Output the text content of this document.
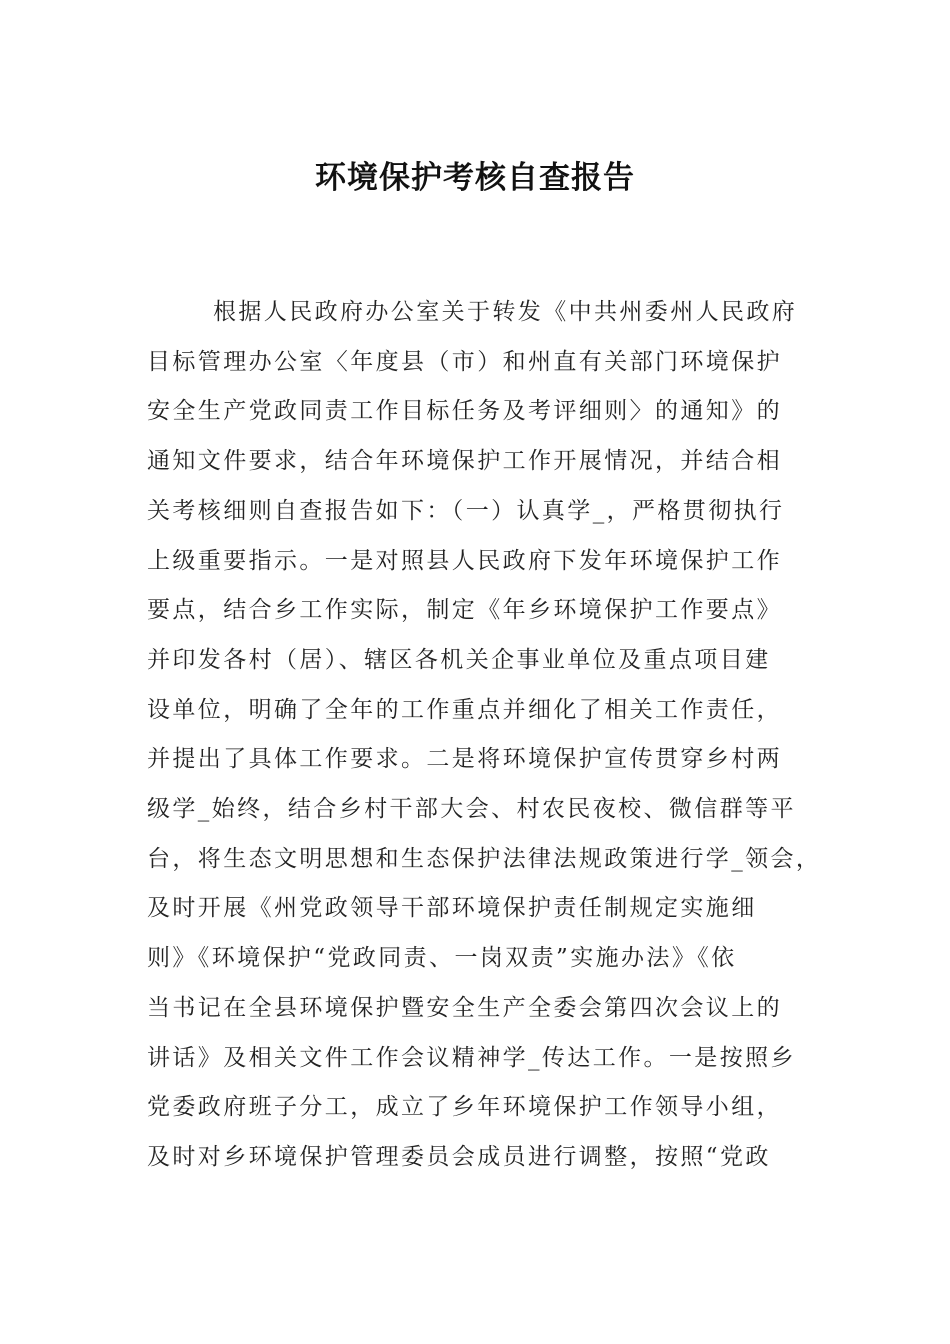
环境保护考核自查报告
根据人民政府办公室关于转发《中共州委州人民政府
目标管理办公室〈年度县（市）和州直有关部门环境保护
安全生产党政同责工作目标任务及考评细则〉的通知》的
通知文件要求，结合年环境保护工作开展情况，并结合相
关考核细则自查报告如下：（一）认真学_，严格贯彻执行
上级重要指示。一是对照县人民政府下发年环境保护工作
要点，结合乡工作实际，制定《年乡环境保护工作要点》
并印发各村（居）、辖区各机关企事业单位及重点项目建
设单位，明确了全年的工作重点并细化了相关工作责任，
并提出了具体工作要求。二是将环境保护宣传贯穿乡村两
级学_始终，结合乡村干部大会、村农民夜校、微信群等平
台，将生态文明思想和生态保护法律法规政策进行学_领会，
及时开展《州党政领导干部环境保护责任制规定实施细
则》《环境保护“党政同责、一岗双责”实施办法》《依
当书记在全县环境保护暨安全生产全委会第四次会议上的
讲话》及相关文件工作会议精神学_传达工作。一是按照乡
党委政府班子分工，成立了乡年环境保护工作领导小组，
及时对乡环境保护管理委员会成员进行调整，按照“党政
